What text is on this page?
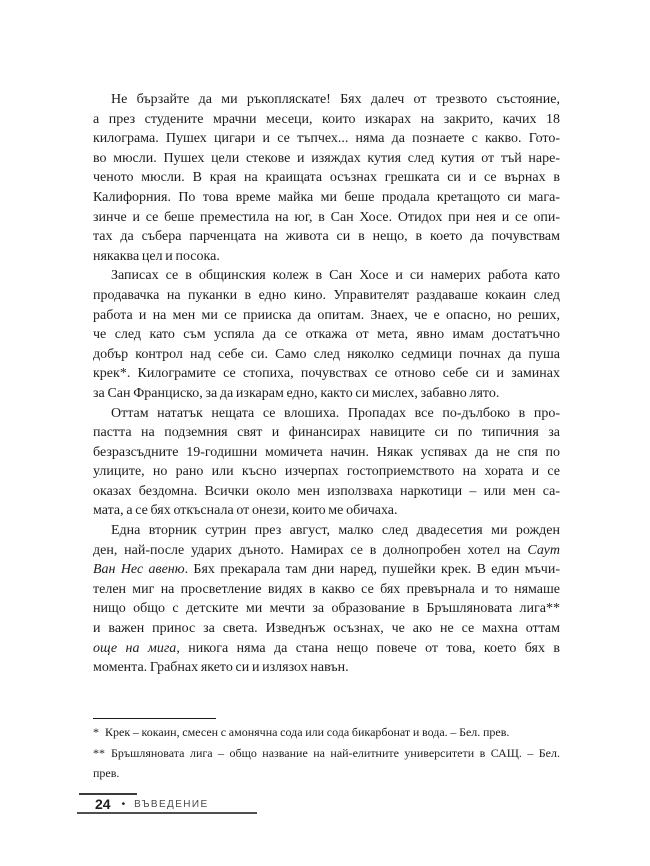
Не бързайте да ми ръкопляскате! Бях далеч от трезвото състояние,
а през студените мрачни месеци, които изкарах на закрито, качих 18
килограма. Пушех цигари и се тъпчех... няма да познаете с какво. Гото-
во мюсли. Пушех цели стекове и изяждах кутия след кутия от тъй наре-
ченото мюсли. В края на краищата осъзнах грешката си и се върнах в
Калифорния. По това време майка ми беше продала кретащото си мага-
зинче и се беше преместила на юг, в Сан Хосе. Отидох при нея и се опи-
тах да събера парченцата на живота си в нещо, в което да почувствам
някаква цел и посока.
Записах се в общинския колеж в Сан Хосе и си намерих работа като
продавачка на пуканки в едно кино. Управителят раздаваше кокаин след
работа и на мен ми се прииска да опитам. Знаех, че е опасно, но реших,
че след като съм успяла да се откажа от мета, явно имам достатъчно
добър контрол над себе си. Само след няколко седмици почнах да пуша
крек*. Килограмите се стопиха, почувствах се отново себе си и заминах
за Сан Франциско, за да изкарам едно, както си мислех, забавно лято.
Оттам нататък нещата се влошиха. Пропадах все по-дълбоко в про-
пастта на подземния свят и финансирах навиците си по типичния за
безразсъдните 19-годишни момичета начин. Някак успявах да не спя по
улиците, но рано или късно изчерпах гостоприемството на хората и се
оказах бездомна. Всички около мен използваха наркотици – или мен са-
мата, а се бях откъснала от онези, които ме обичаха.
Една вторник сутрин през август, малко след двадесетия ми рожден
ден, най-после ударих дъното. Намирах се в долнопробен хотел на Саут
Ван Нес авеню. Бях прекарала там дни наред, пушейки крек. В един мъчи-
телен миг на просветление видях в какво се бях превърнала и то нямаше
нищо общо с детските ми мечти за образование в Бръшляновата лига**
и важен принос за света. Изведнъж осъзнах, че ако не се махна оттам
още на мига, никога няма да стана нещо повече от това, което бях в
момента. Грабнах якето си и излязох навън.
* Крек – кокаин, смесен с амонячна сода или сода бикарбонат и вода. – Бел. прев.
** Бръшляновата лига – общо название на най-елитните университети в САЩ. – Бел.
прев.
24 • ВЪВЕДЕНИЕ
